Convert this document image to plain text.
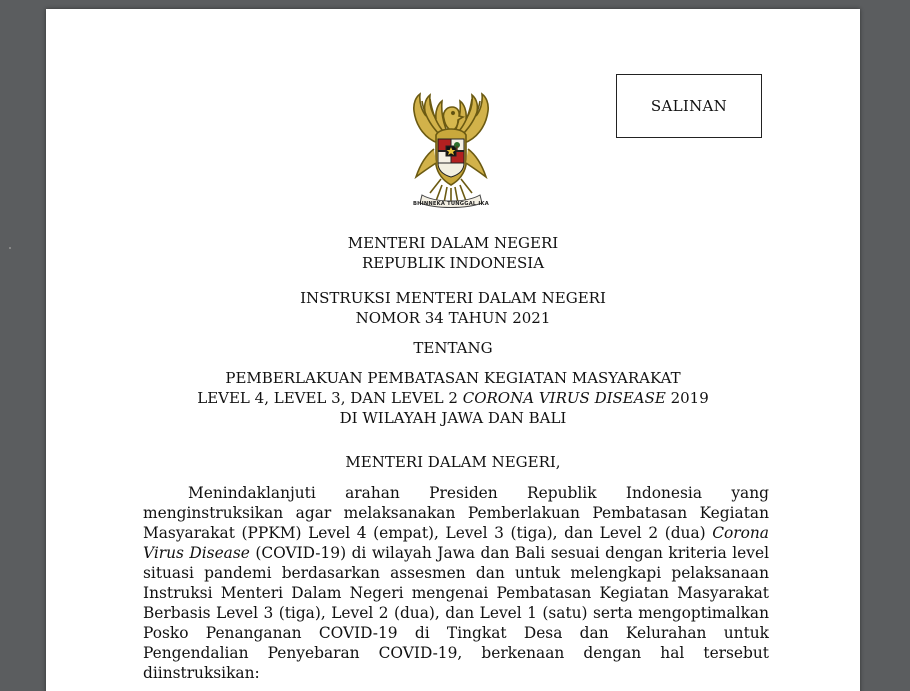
SALINAN
BHINNEKA TUNGGAL IKA
MENTERI DALAM NEGERI
REPUBLIK INDONESIA
INSTRUKSI MENTERI DALAM NEGERI
NOMOR 34 TAHUN 2021
TENTANG
PEMBERLAKUAN PEMBATASAN KEGIATAN MASYARAKAT
LEVEL 4, LEVEL 3, DAN LEVEL 2 CORONA VIRUS DISEASE 2019
DI WILAYAH JAWA DAN BALI
MENTERI DALAM NEGERI,
Menindaklanjuti arahan Presiden Republik Indonesia yang
menginstruksikan agar melaksanakan Pemberlakuan Pembatasan Kegiatan
Masyarakat (PPKM) Level 4 (empat), Level 3 (tiga), dan Level 2 (dua) Corona
Virus Disease (COVID-19) di wilayah Jawa dan Bali sesuai dengan kriteria level
situasi pandemi berdasarkan assesmen dan untuk melengkapi pelaksanaan
Instruksi Menteri Dalam Negeri mengenai Pembatasan Kegiatan Masyarakat
Berbasis Level 3 (tiga), Level 2 (dua), dan Level 1 (satu) serta mengoptimalkan
Posko Penanganan COVID-19 di Tingkat Desa dan Kelurahan untuk
Pengendalian Penyebaran COVID-19, berkenaan dengan hal tersebut
diinstruksikan:
